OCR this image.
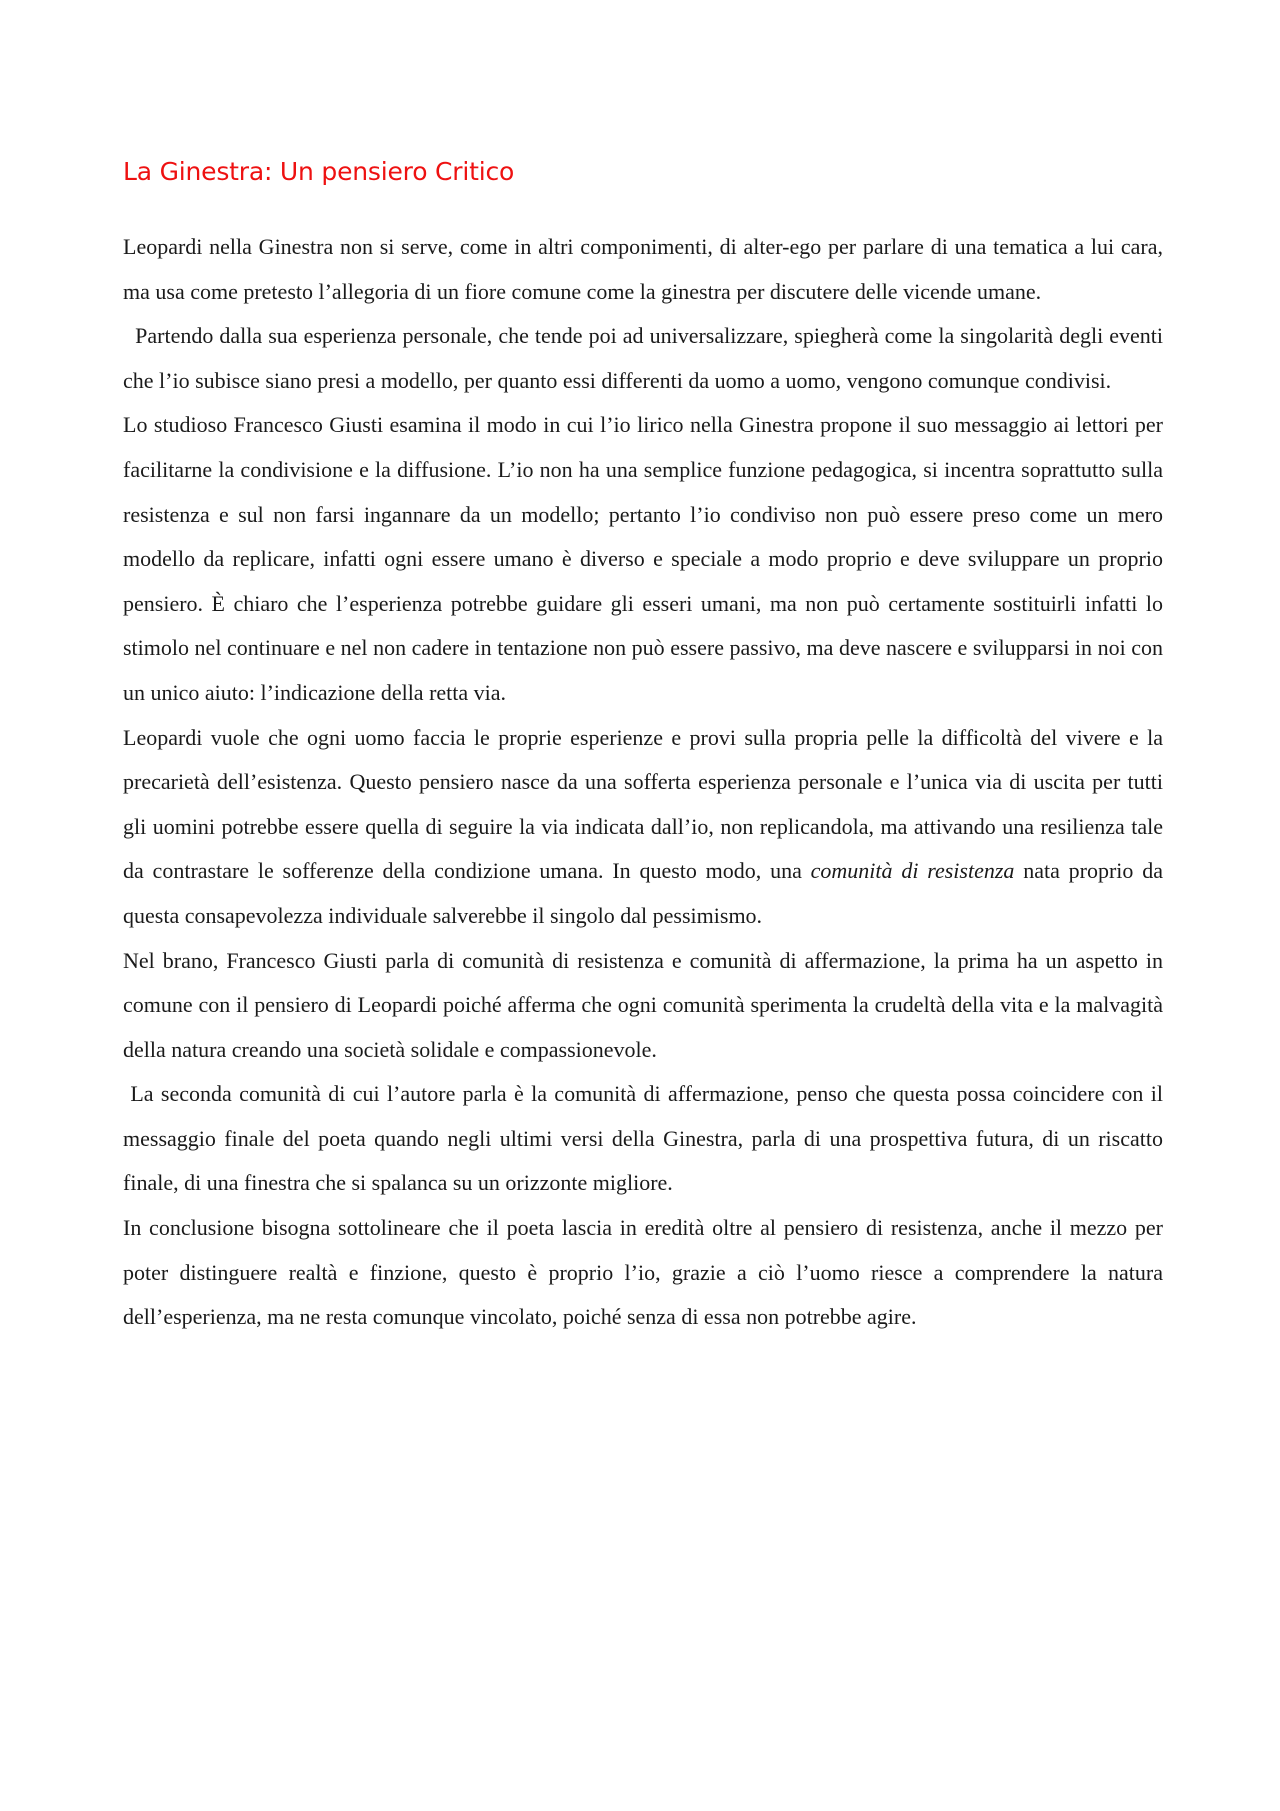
La Ginestra: Un pensiero Critico

Leopardi nella Ginestra non si serve, come in altri componimenti, di alter-ego per parlare di una tematica a lui cara, ma usa come pretesto l’allegoria di un fiore comune come la ginestra per discutere delle vicende umane.

Partendo dalla sua esperienza personale, che tende poi ad universalizzare, spiegherà come la singolarità degli eventi che l’io subisce siano presi a modello, per quanto essi differenti da uomo a uomo, vengono comunque condivisi.

Lo studioso Francesco Giusti esamina il modo in cui l’io lirico nella Ginestra propone il suo messaggio ai lettori per facilitarne la condivisione e la diffusione. L’io non ha una semplice funzione pedagogica, si incentra soprattutto sulla resistenza e sul non farsi ingannare da un modello; pertanto l’io condiviso non può essere preso come un mero modello da replicare, infatti ogni essere umano è diverso e speciale a modo proprio e deve sviluppare un proprio pensiero. È chiaro che l’esperienza potrebbe guidare gli esseri umani, ma non può certamente sostituirli infatti lo stimolo nel continuare e nel non cadere in tentazione non può essere passivo, ma deve nascere e svilupparsi in noi con un unico aiuto: l’indicazione della retta via.

Leopardi vuole che ogni uomo faccia le proprie esperienze e provi sulla propria pelle la difficoltà del vivere e la precarietà dell’esistenza. Questo pensiero nasce da una sofferta esperienza personale e l’unica via di uscita per tutti gli uomini potrebbe essere quella di seguire la via indicata dall’io, non replicandola, ma attivando una resilienza tale da contrastare le sofferenze della condizione umana. In questo modo, una comunità di resistenza nata proprio da questa consapevolezza individuale salverebbe il singolo dal pessimismo.

Nel brano, Francesco Giusti parla di comunità di resistenza e comunità di affermazione, la prima ha un aspetto in comune con il pensiero di Leopardi poiché afferma che ogni comunità sperimenta la crudeltà della vita e la malvagità della natura creando una società solidale e compassionevole.

La seconda comunità di cui l’autore parla è la comunità di affermazione, penso che questa possa coincidere con il messaggio finale del poeta quando negli ultimi versi della Ginestra, parla di una prospettiva futura, di un riscatto finale, di una finestra che si spalanca su un orizzonte migliore.

In conclusione bisogna sottolineare che il poeta lascia in eredità oltre al pensiero di resistenza, anche il mezzo per poter distinguere realtà e finzione, questo è proprio l’io, grazie a ciò l’uomo riesce a comprendere la natura dell’esperienza, ma ne resta comunque vincolato, poiché senza di essa non potrebbe agire.
